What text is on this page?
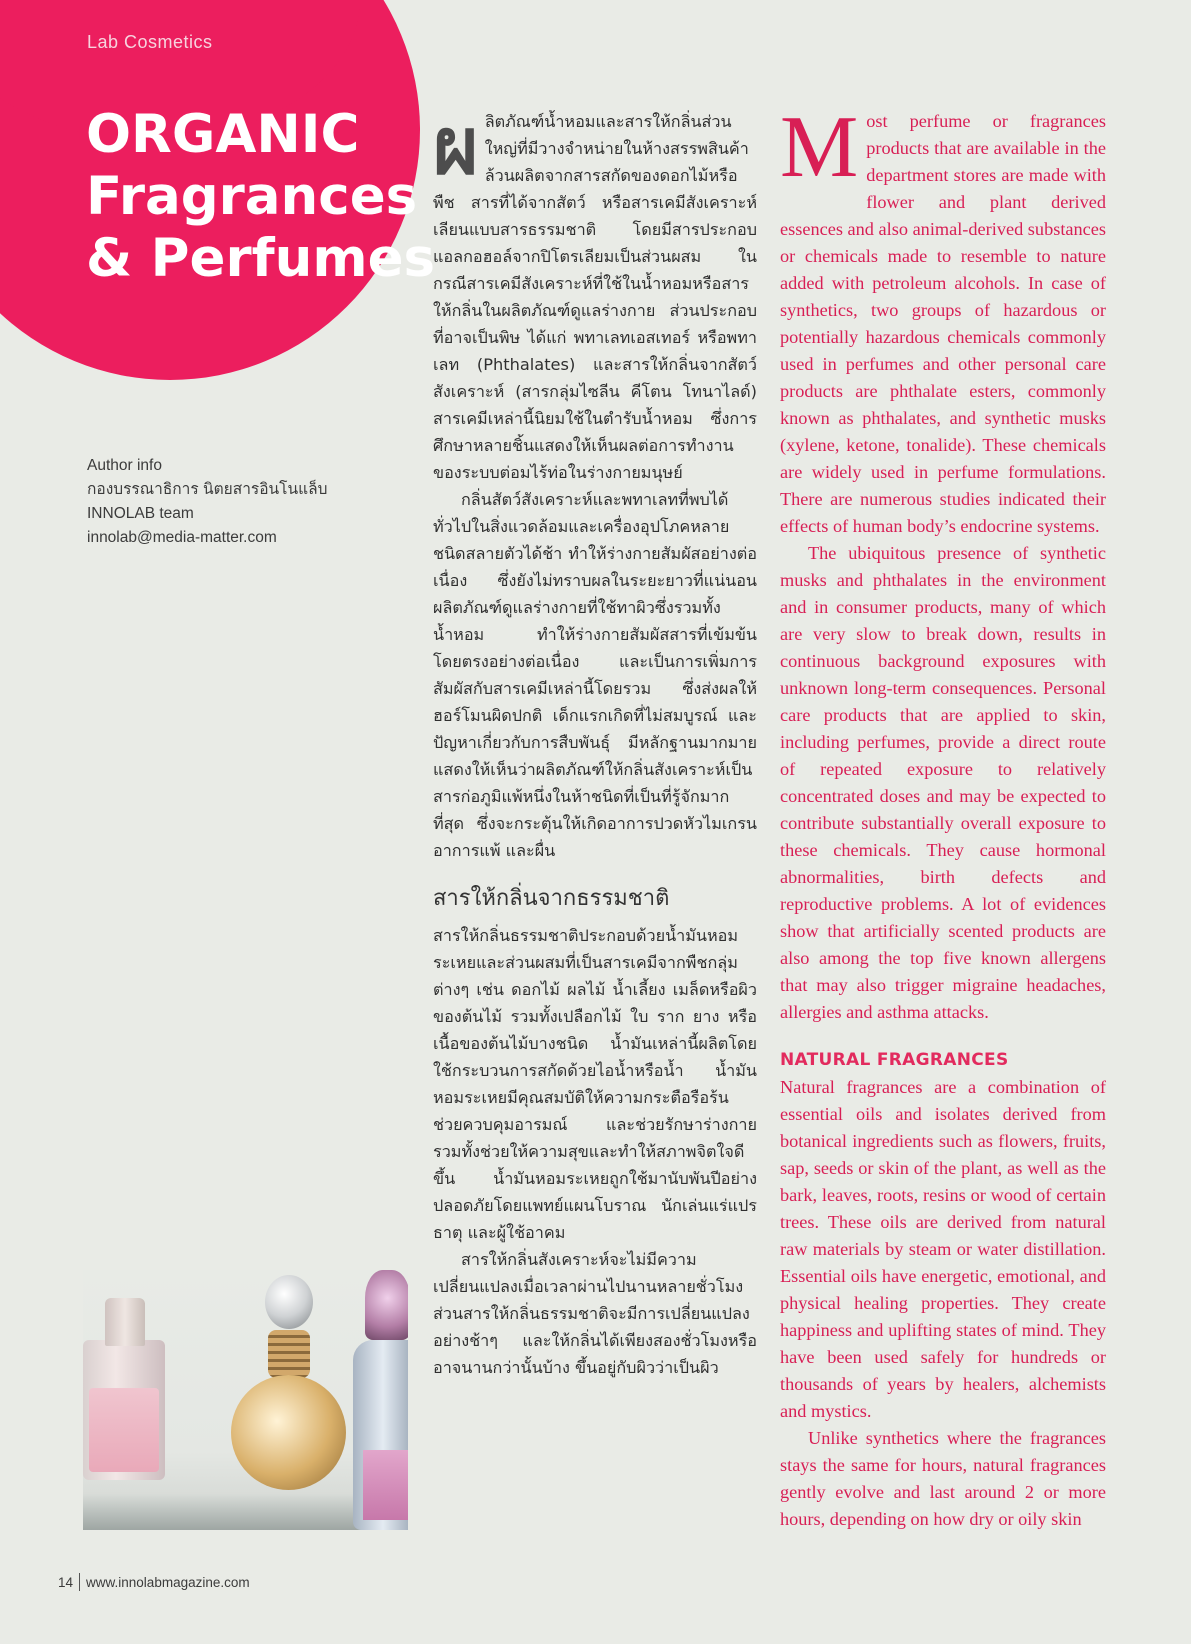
Lab Cosmetics
ORGANIC
Fragrances
& Perfumes
Author info
กองบรรณาธิการ นิตยสารอินโนแล็บ
INNOLAB team
innolab@media-matter.com

ผ ลิตภัณฑ์น้ำหอมและสารให้กลิ่นส่วนใหญ่ที่มีวางจำหน่ายในห้างสรรพสินค้าล้วนผลิตจากสารสกัดของดอกไม้หรือพืช สารที่ได้จากสัตว์ หรือสารเคมีสังเคราะห์เลียนแบบสารธรรมชาติ โดยมีสารประกอบแอลกอฮอล์จากปิโตรเลียมเป็นส่วนผสม ในกรณีสารเคมีสังเคราะห์ที่ใช้ในน้ำหอมหรือสารให้กลิ่นในผลิตภัณฑ์ดูแลร่างกาย ส่วนประกอบที่อาจเป็นพิษ ได้แก่ พทาเลทเอสเทอร์ หรือพทาเลท (Phthalates) และสารให้กลิ่นจากสัตว์สังเคราะห์ (สารกลุ่มไซลีน คีโตน โทนาไลด์) สารเคมีเหล่านี้นิยมใช้ในตำรับน้ำหอม ซึ่งการศึกษาหลายชิ้นแสดงให้เห็นผลต่อการทำงานของระบบต่อมไร้ท่อในร่างกายมนุษย์

กลิ่นสัตว์สังเคราะห์และพทาเลทที่พบได้ทั่วไปในสิ่งแวดล้อมและเครื่องอุปโภคหลายชนิดสลายตัวได้ช้า ทำให้ร่างกายสัมผัสอย่างต่อเนื่อง ซึ่งยังไม่ทราบผลในระยะยาวที่แน่นอน ผลิตภัณฑ์ดูแลร่างกายที่ใช้ทาผิวซึ่งรวมทั้งน้ำหอม ทำให้ร่างกายสัมผัสสารที่เข้มข้นโดยตรงอย่างต่อเนื่อง และเป็นการเพิ่มการสัมผัสกับสารเคมีเหล่านี้โดยรวม ซึ่งส่งผลให้ฮอร์โมนผิดปกติ เด็กแรกเกิดที่ไม่สมบูรณ์ และปัญหาเกี่ยวกับการสืบพันธุ์ มีหลักฐานมากมายแสดงให้เห็นว่าผลิตภัณฑ์ให้กลิ่นสังเคราะห์เป็นสารก่อภูมิแพ้หนึ่งในห้าชนิดที่เป็นที่รู้จักมากที่สุด ซึ่งจะกระตุ้นให้เกิดอาการปวดหัวไมเกรน อาการแพ้ และผื่น

สารให้กลิ่นจากธรรมชาติ

สารให้กลิ่นธรรมชาติประกอบด้วยน้ำมันหอมระเหยและส่วนผสมที่เป็นสารเคมีจากพืชกลุ่มต่างๆ เช่น ดอกไม้ ผลไม้ น้ำเลี้ยง เมล็ดหรือผิวของต้นไม้ รวมทั้งเปลือกไม้ ใบ ราก ยาง หรือเนื้อของต้นไม้บางชนิด น้ำมันเหล่านี้ผลิตโดยใช้กระบวนการสกัดด้วยไอน้ำหรือน้ำ น้ำมันหอมระเหยมีคุณสมบัติให้ความกระตือรือร้น ช่วยควบคุมอารมณ์ และช่วยรักษาร่างกาย รวมทั้งช่วยให้ความสุขและทำให้สภาพจิตใจดีขึ้น น้ำมันหอมระเหยถูกใช้มานับพันปีอย่างปลอดภัยโดยแพทย์แผนโบราณ นักเล่นแร่แปรธาตุ และผู้ใช้อาคม

สารให้กลิ่นสังเคราะห์จะไม่มีความเปลี่ยนแปลงเมื่อเวลาผ่านไปนานหลายชั่วโมง ส่วนสารให้กลิ่นธรรมชาติจะมีการเปลี่ยนแปลงอย่างช้าๆ และให้กลิ่นได้เพียงสองชั่วโมงหรืออาจนานกว่านั้นบ้าง ขึ้นอยู่กับผิวว่าเป็นผิว

M ost perfume or fragrances products that are available in the department stores are made with flower and plant derived essences and also animal-derived substances or chemicals made to resemble to nature added with petroleum alcohols. In case of synthetics, two groups of hazardous or potentially hazardous chemicals commonly used in perfumes and other personal care products are phthalate esters, commonly known as phthalates, and synthetic musks (xylene, ketone, tonalide). These chemicals are widely used in perfume formulations. There are numerous studies indicated their effects of human body’s endocrine systems.

The ubiquitous presence of synthetic musks and phthalates in the environment and in consumer products, many of which are very slow to break down, results in continuous background exposures with unknown long-term consequences. Personal care products that are applied to skin, including perfumes, provide a direct route of repeated exposure to relatively concentrated doses and may be expected to contribute substantially overall exposure to these chemicals. They cause hormonal abnormalities, birth defects and reproductive problems. A lot of evidences show that artificially scented products are also among the top five known allergens that may also trigger migraine headaches, allergies and asthma attacks.

NATURAL FRAGRANCES

Natural fragrances are a combination of essential oils and isolates derived from botanical ingredients such as flowers, fruits, sap, seeds or skin of the plant, as well as the bark, leaves, roots, resins or wood of certain trees. These oils are derived from natural raw materials by steam or water distillation. Essential oils have energetic, emotional, and physical healing properties. They create happiness and uplifting states of mind. They have been used safely for hundreds or thousands of years by healers, alchemists and mystics.

Unlike synthetics where the fragrances stays the same for hours, natural fragrances gently evolve and last around 2 or more hours, depending on how dry or oily skin

14 www.innolabmagazine.com
